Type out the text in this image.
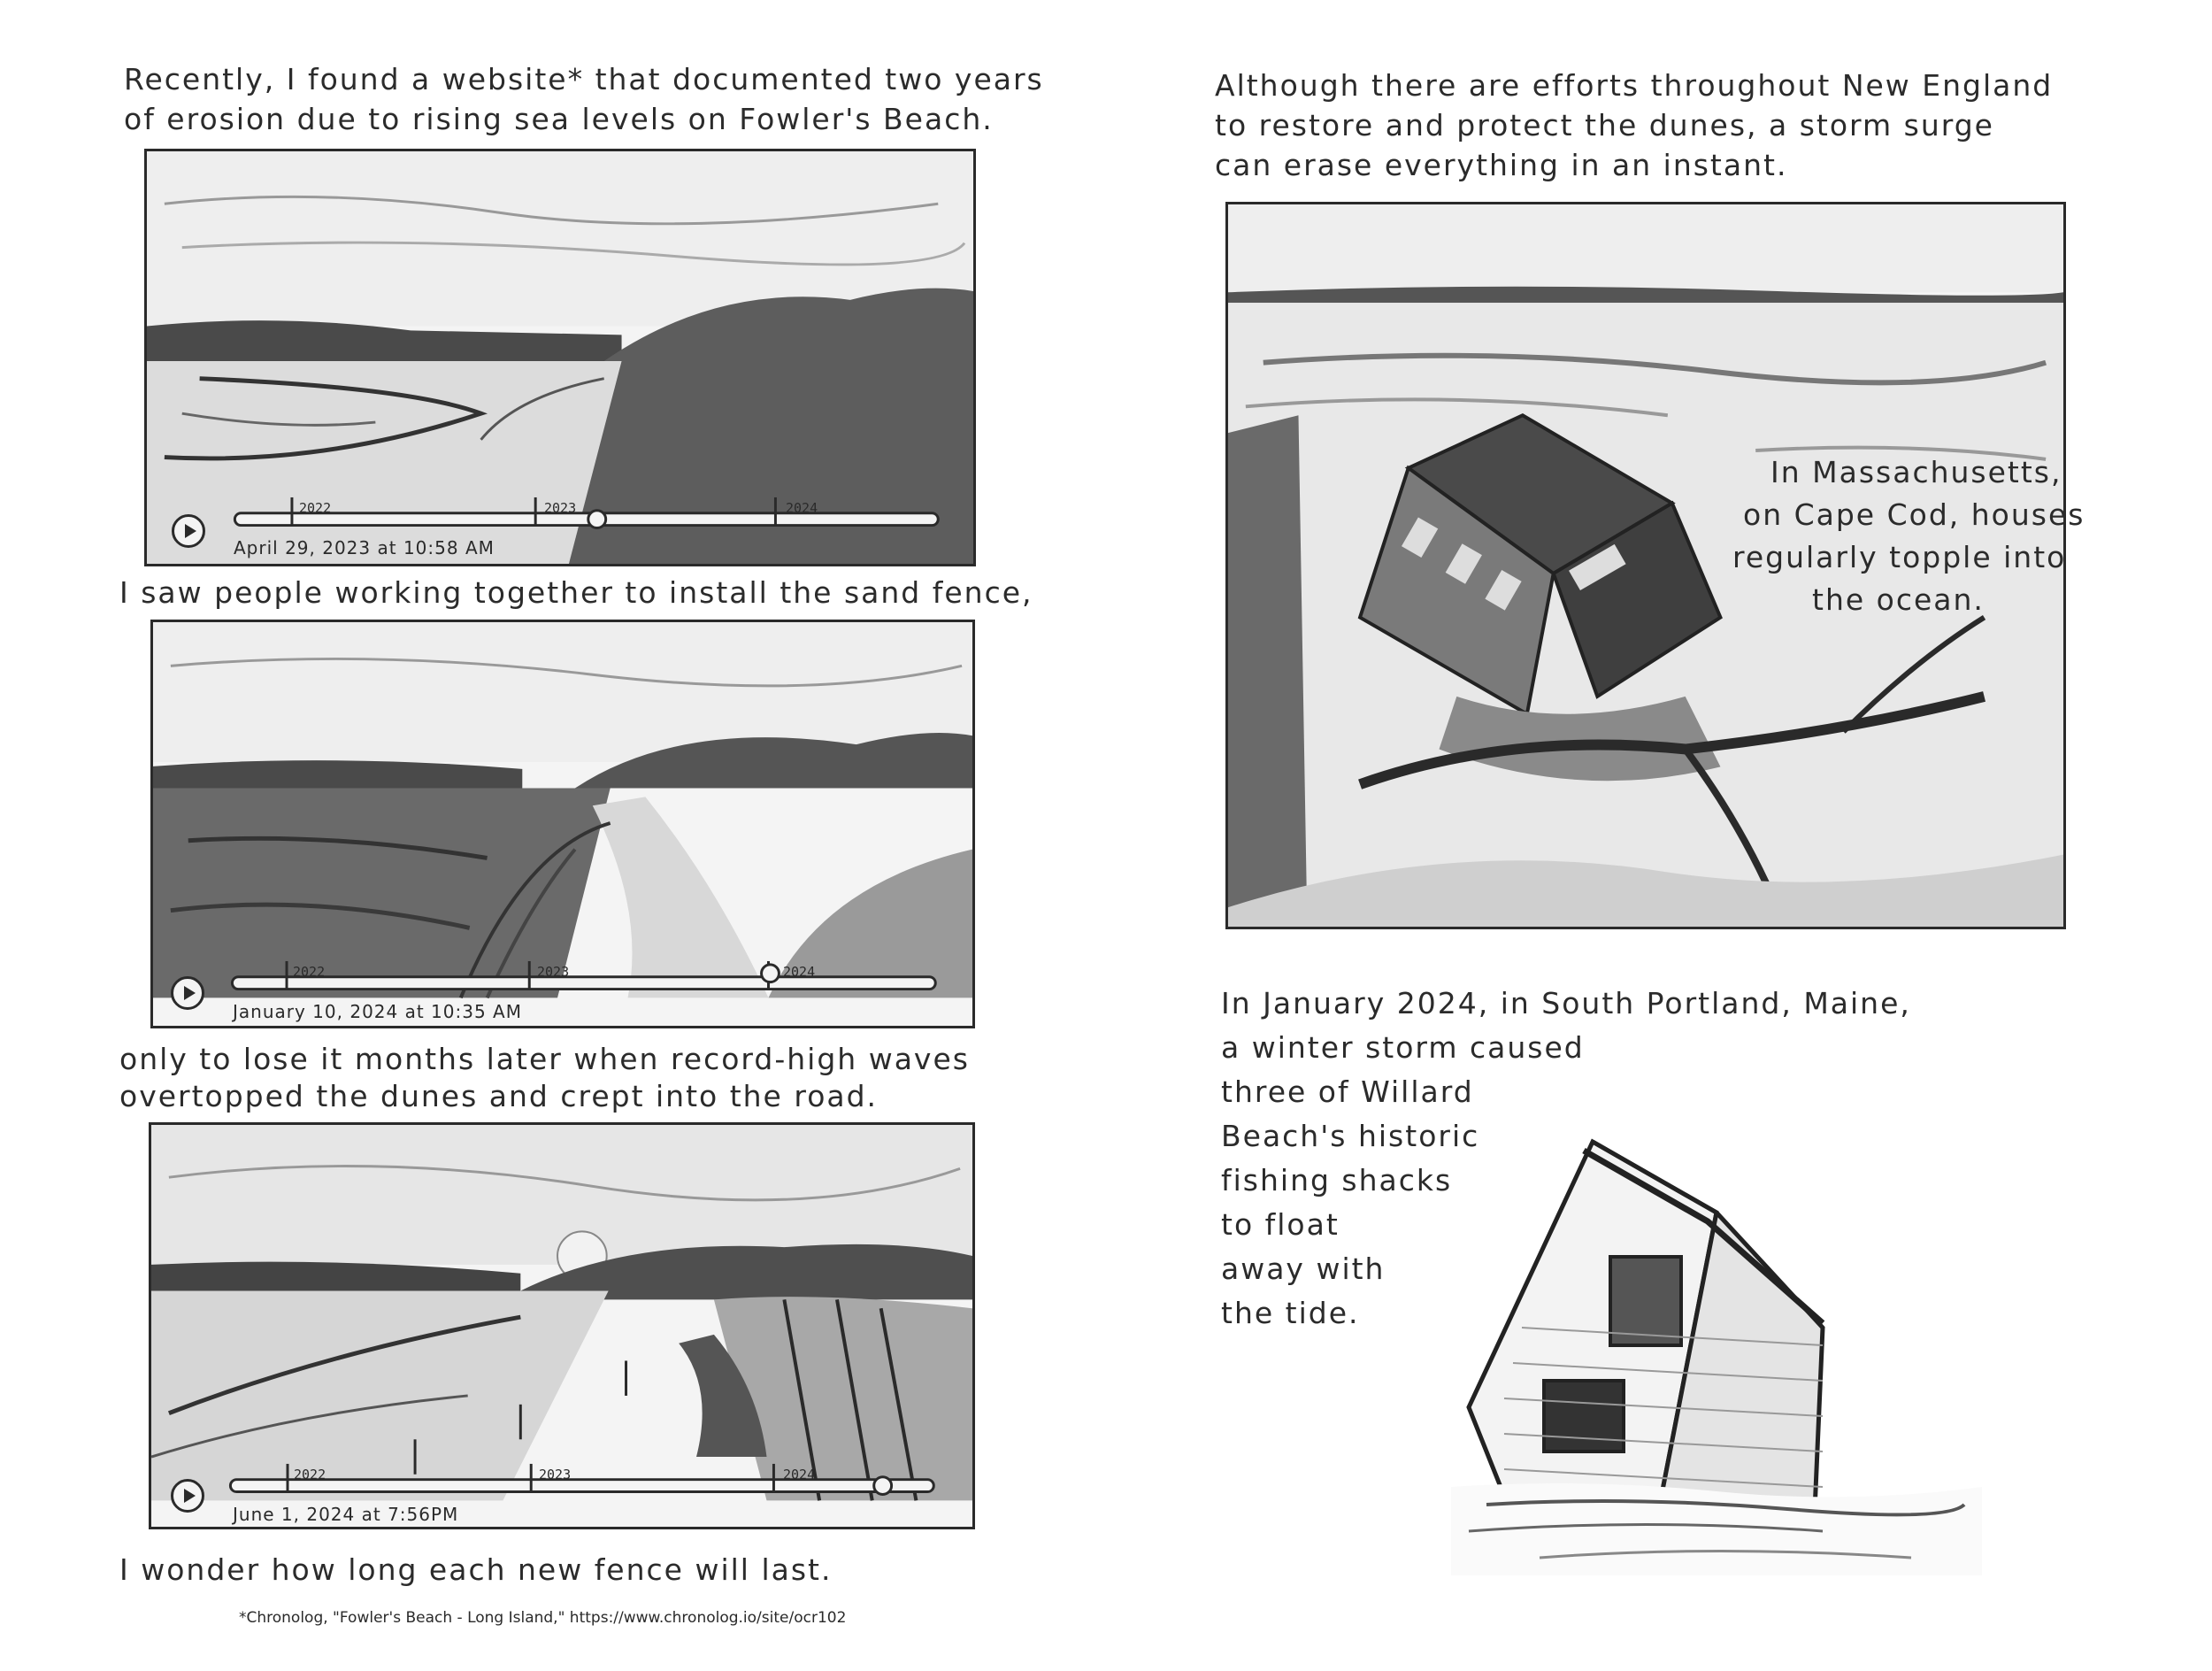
Recently, I found a website* that documented two years
of erosion due to rising sea levels on Fowler's Beach.
2022	2023	2024
April 29, 2023 at 10:58 AM
I saw people working together to install the sand fence,
2022	2023	2024
January 10, 2024 at 10:35 AM
only to lose it months later when record-high waves
overtopped the dunes and crept into the road.
2022	2023	2024
June 1, 2024 at 7:56PM
I wonder how long each new fence will last.
*Chronolog, "Fowler's Beach - Long Island," https://www.chronolog.io/site/ocr102
Although there are efforts throughout New England
to restore and protect the dunes, a storm surge
can erase everything in an instant.
In Massachusetts,
on Cape Cod, houses
regularly topple into
the ocean.
In January 2024, in South Portland, Maine,
a winter storm caused
three of Willard
Beach's historic
fishing shacks
to float
away with
the tide.
